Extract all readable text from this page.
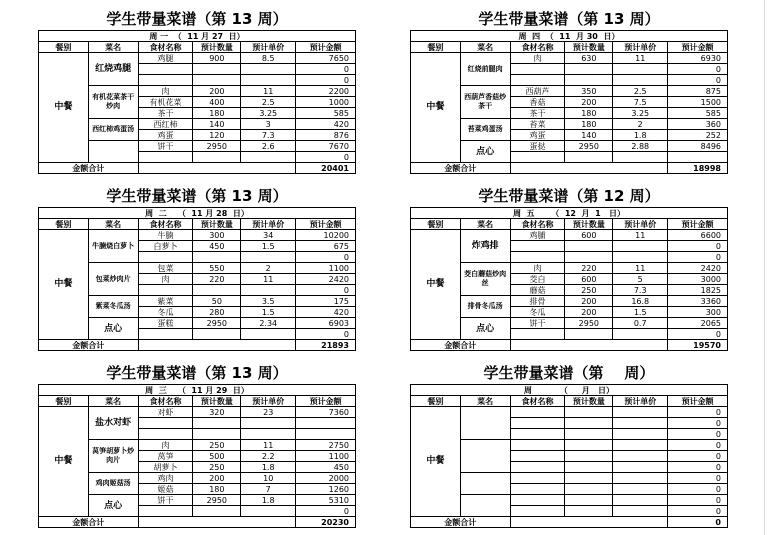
学生带量菜谱（第 13 周）
周 一  （  11 月 27  日）					
餐别	菜名	食材名称	预计数量	预计单价	预计金额
中餐	红烧鸡腿	鸡腿	900	8.5	7650
					0
					0
	有机花菜茶干炒肉	肉	200	11	2200
		有机花菜	400	2.5	1000
		茶干	180	3.25	585
	西红柿鸡蛋汤	西红柿	140	3	420
		鸡蛋	120	7.3	876
		饼干	2950	2.6	7670
					0
金额合计					20401
学生带量菜谱（第 13 周）
周  四  （  11  月 30  日）					
餐别	菜名	食材名称	预计数量	预计单价	预计金额
中餐	红烧前腿肉	肉	630	11	6930
					0
					0
	西葫芦香菇炒茶干	西葫芦	350	2.5	875
		香菇	200	7.5	1500
		茶干	180	3.25	585
	苔菜鸡蛋汤	苔菜	180	2	360
		鸡蛋	140	1.8	252
	点心	蛋挞	2950	2.88	8496

金额合计					18998
学生带量菜谱（第 13 周）
周  二    （  11 月 28  日）					
餐别	菜名	食材名称	预计数量	预计单价	预计金额
中餐	牛腩烧白萝卜	牛腩	300	34	10200
		白萝卜	450	1.5	675
					0
	包菜炒肉片	包菜	550	2	1100
		肉	220	11	2420
					0
	紫菜冬瓜汤	紫菜	50	3.5	175
		冬瓜	280	1.5	420
	点心	蛋糕	2950	2.34	6903
					0
金额合计					21893
学生带量菜谱（第 12 周）
周  五      （  12  月  1   日）					
餐别	菜名	食材名称	预计数量	预计单价	预计金额
中餐	炸鸡排	鸡脯	600	11	6600
					0
					0
	茭白蘑菇炒肉丝	肉	220	11	2420
		茭白	600	5	3000
		蘑菇	250	7.3	1825
	排骨冬瓜汤	排骨	200	16.8	3360
		冬瓜	200	1.5	300
	点心	饼干	2950	0.7	2065
					0
金额合计					19570
学生带量菜谱（第 13 周）
周  三    （  11 月 29  日）					
餐别	菜名	食材名称	预计数量	预计单价	预计金额
中餐	盐水对虾	对虾	320	23	7360

	莴笋胡萝卜炒肉片	肉	250	11	2750
		莴笋	500	2.2	1100
		胡萝卜	250	1.8	450
	鸡肉姬菇汤	鸡肉	200	10	2000
		姬菇	180	7	1260
	点心	饼干	2950	1.8	5310
					0
金额合计					20230
学生带量菜谱（第    周）
周          （     月   日）					
餐别	菜名	食材名称	预计数量	预计单价	预计金额
中餐					0
					0
					0
					0
					0
					0
					0
					0
					0
					0
金额合计					0
